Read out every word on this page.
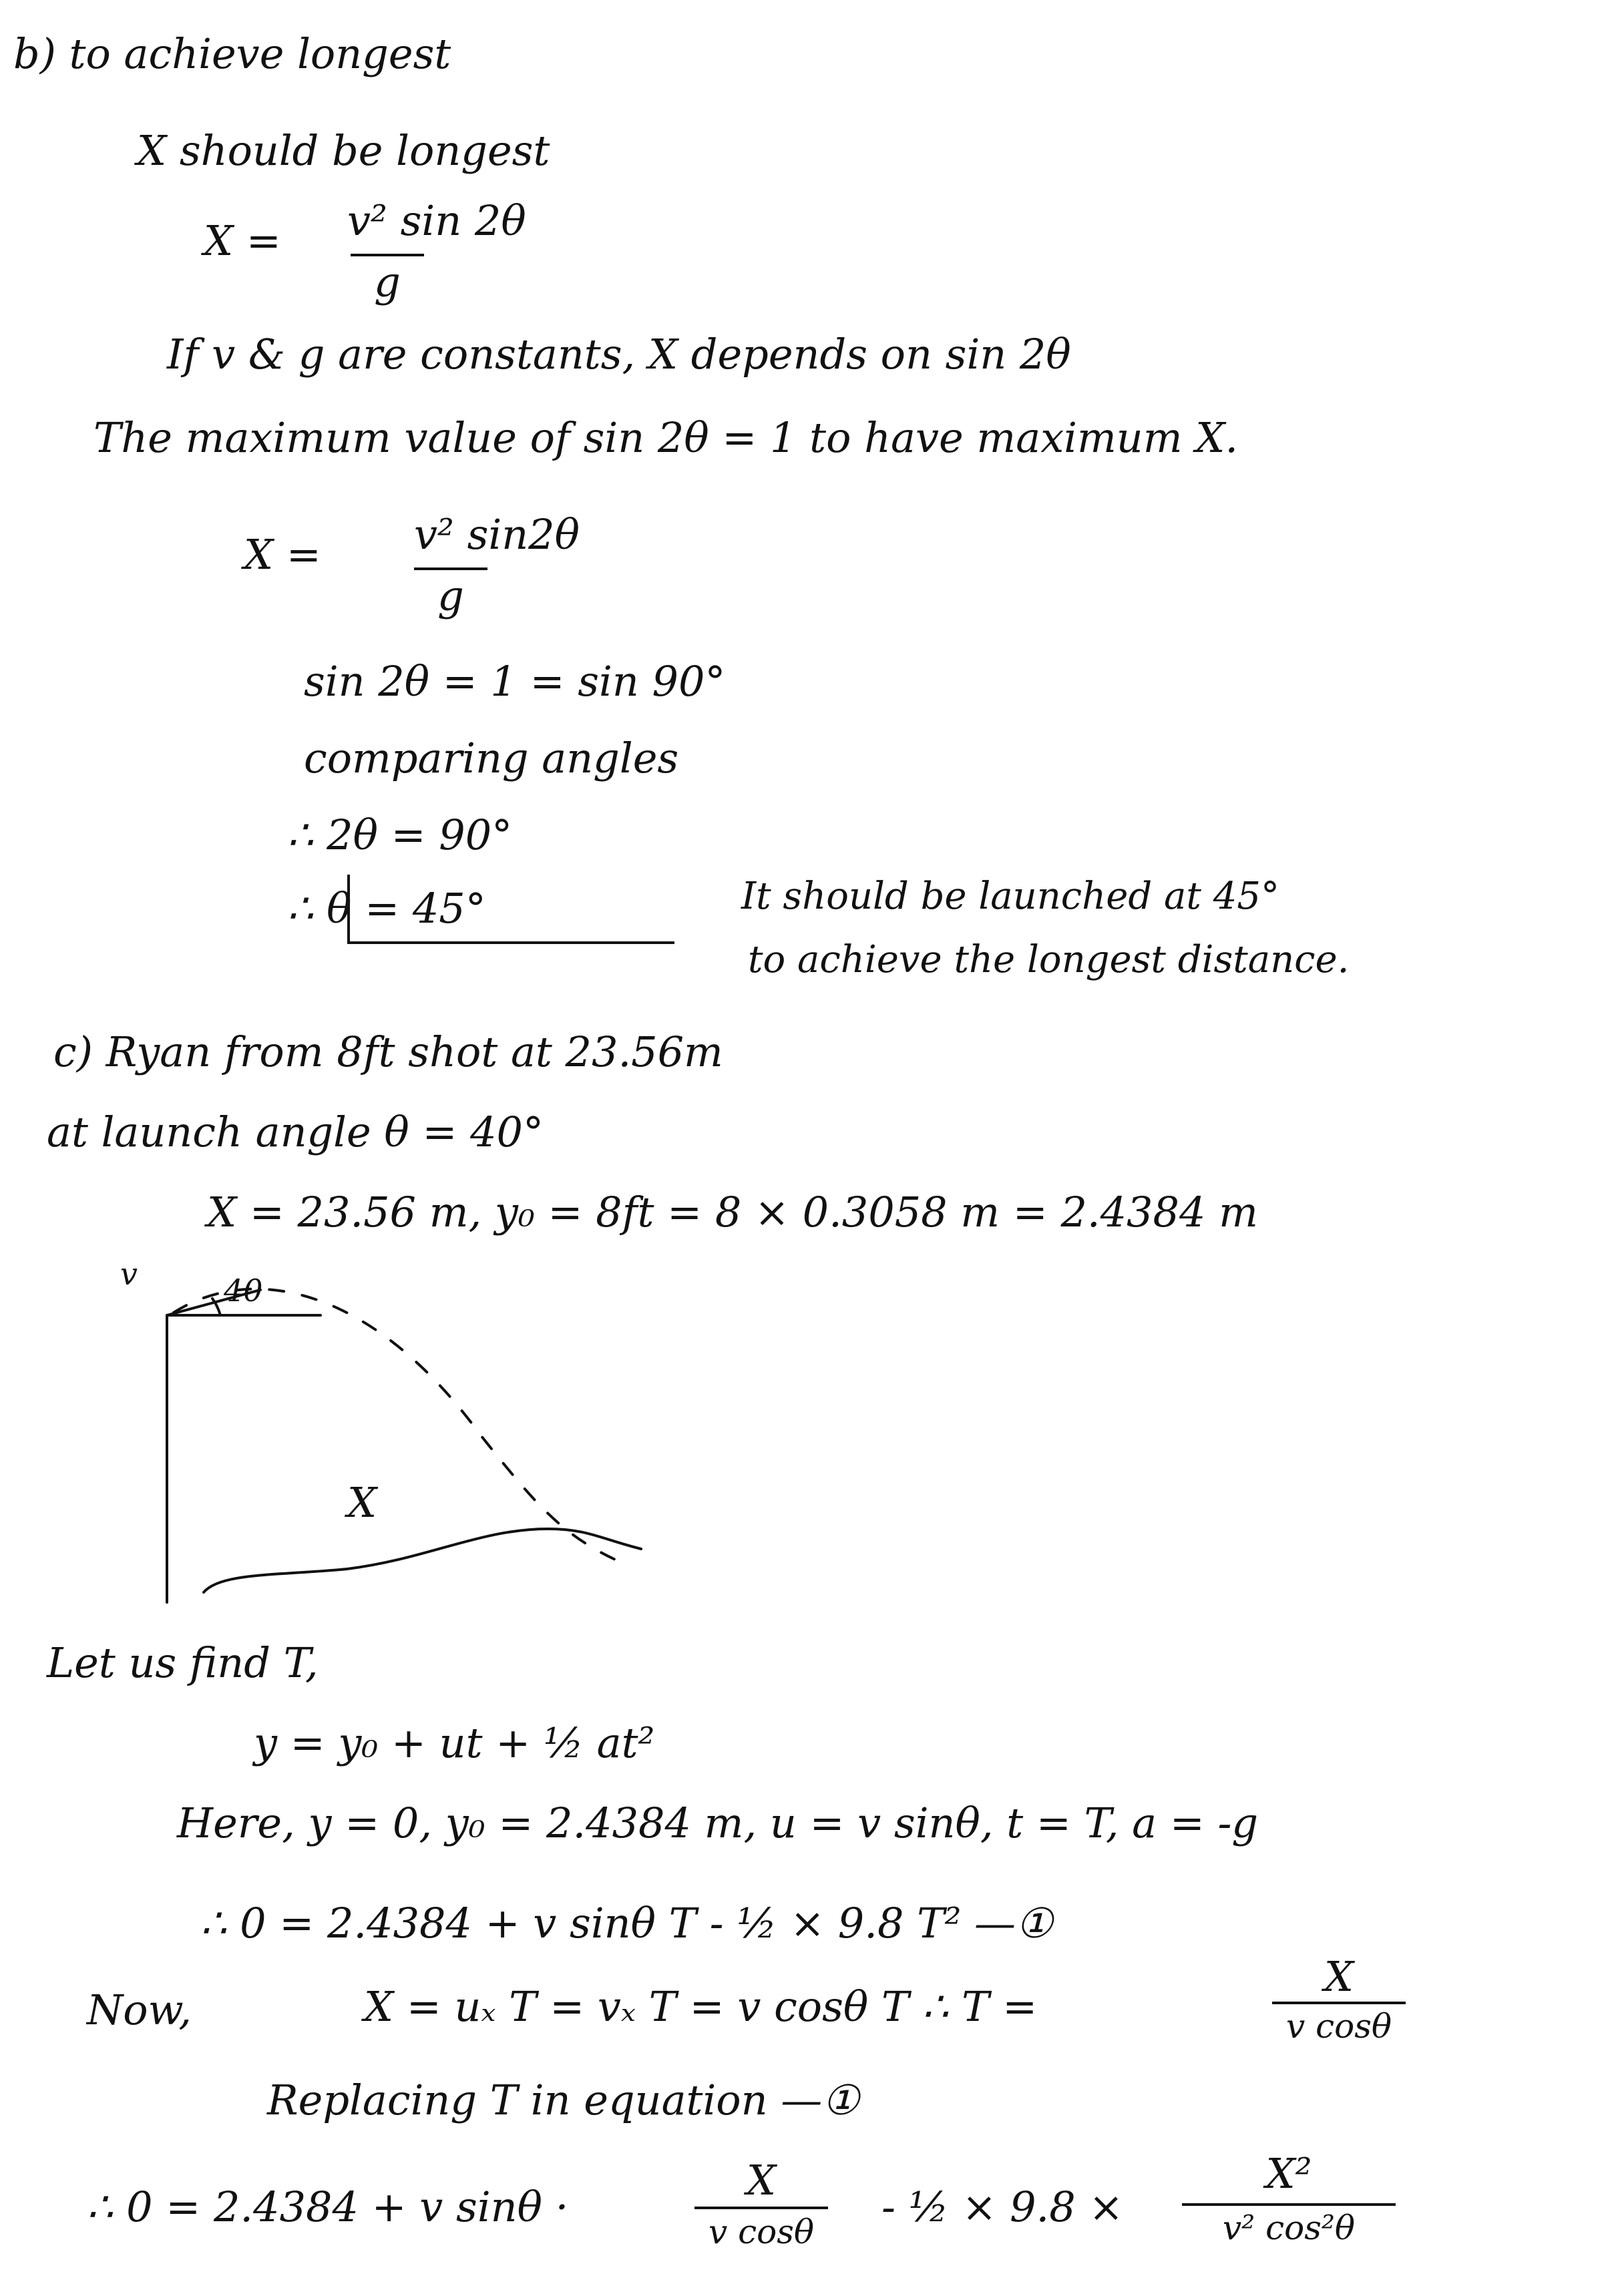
b) to achieve longest
X should be longest
X = v² sin 2θ
g
If v & g are constants, X depends on sin 2θ
The maximum value of sin 2θ = 1 to have maximum X.
X = v² sin2θ
g
sin 2θ = 1 = sin 90°
comparing angles
∴ 2θ = 90°
∴ θ = 45°	It should be launched at 45°
to achieve the longest distance.
c) Ryan from 8ft shot at 23.56m
at launch angle θ = 40°
X = 23.56 m, y₀ = 8ft = 8 × 0.3058 m = 2.4384 m
v	40
X
Let us find T,
y = y₀ + ut + ½ at²
Here, y = 0, y₀ = 2.4384 m, u = v sinθ, t = T, a = -g
∴ 0 = 2.4384 + v sinθ T - ½ × 9.8 T² —①
Now,	X = uₓ T = vₓ T = v cosθ T ∴ T =
X
v cosθ
Replacing T in equation —①
∴ 0 = 2.4384 + v sinθ ·
X
v cosθ
- ½ × 9.8 ×
X²
v² cos²θ
